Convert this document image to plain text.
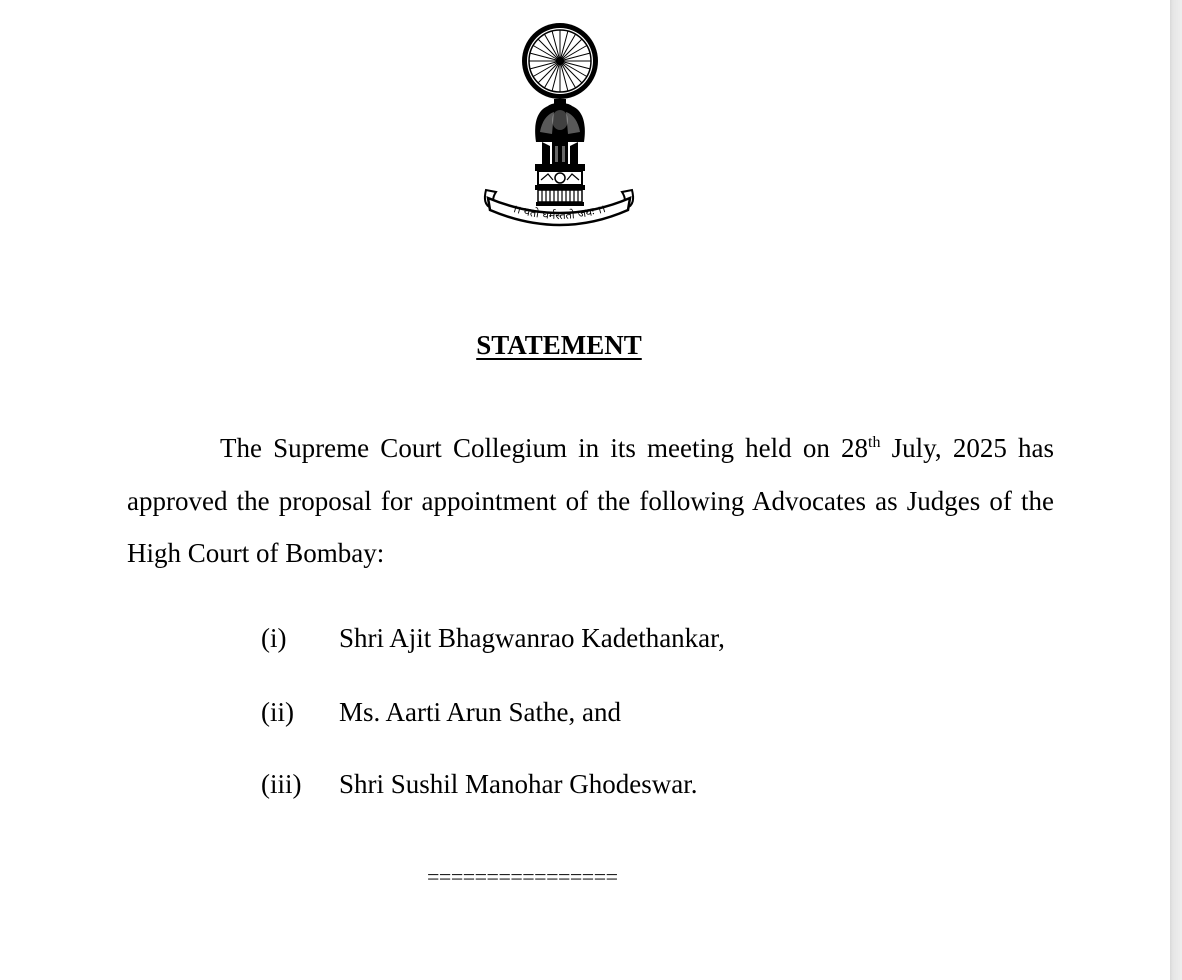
।। यतो धर्मस्ततो जयः ।।
STATEMENT

The Supreme Court Collegium in its meeting held on 28th July, 2025 has approved the proposal for appointment of the following Advocates as Judges of the High Court of Bombay:

(i) Shri Ajit Bhagwanrao Kadethankar,
(ii) Ms. Aarti Arun Sathe, and
(iii) Shri Sushil Manohar Ghodeswar.
================
